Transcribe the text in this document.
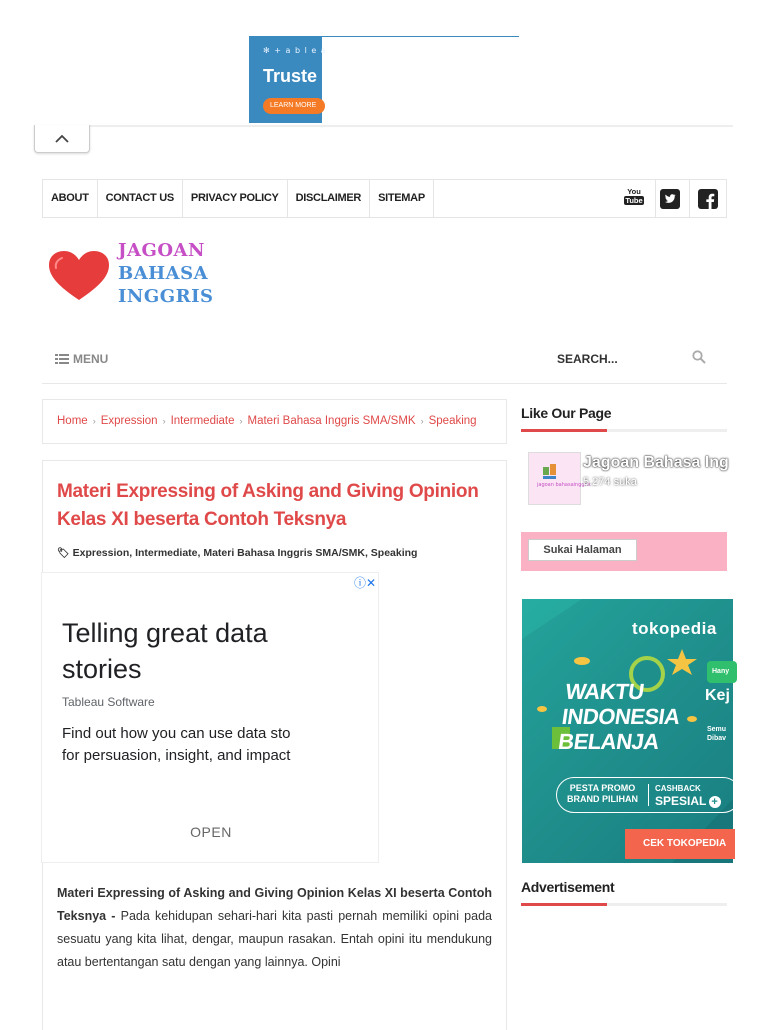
✻ + a b l e a
Truste
LEARN MORE
ABOUT	CONTACT US	PRIVACY POLICY	DISCLAIMER	SITEMAP
You
Tube
JAGOAN
BAHASA
INGGRIS
MENU	SEARCH...
Home › Expression › Intermediate › Materi Bahasa Inggris SMA/SMK › Speaking
Materi Expressing of Asking and Giving Opinion Kelas XI beserta Contoh Teksnya
🏷 Expression, Intermediate, Materi Bahasa Inggris SMA/SMK, Speaking
ⓘ✕
Telling great data stories
Tableau Software
Find out how you can use data sto
for persuasion, insight, and impact
OPEN
Materi Expressing of Asking and Giving Opinion Kelas XI beserta Contoh Teksnya - Pada kehidupan sehari-hari kita pasti pernah memiliki opini pada sesuatu yang kita lihat, dengar, maupun rasakan. Entah opini itu mendukung atau bertentangan satu dengan yang lainnya. Opini
Like Our Page
jagoan bahasainggris
Jagoan Bahasa Ing
5.274 suka
Sukai Halaman
tokopedia
WAKTU
INDONESIA
BELANJA
Hany
Kej
Semu
Dibav
PESTA PROMO
BRAND PILIHAN
CASHBACK
SPESIAL +
CEK TOKOPEDIA
Advertisement
